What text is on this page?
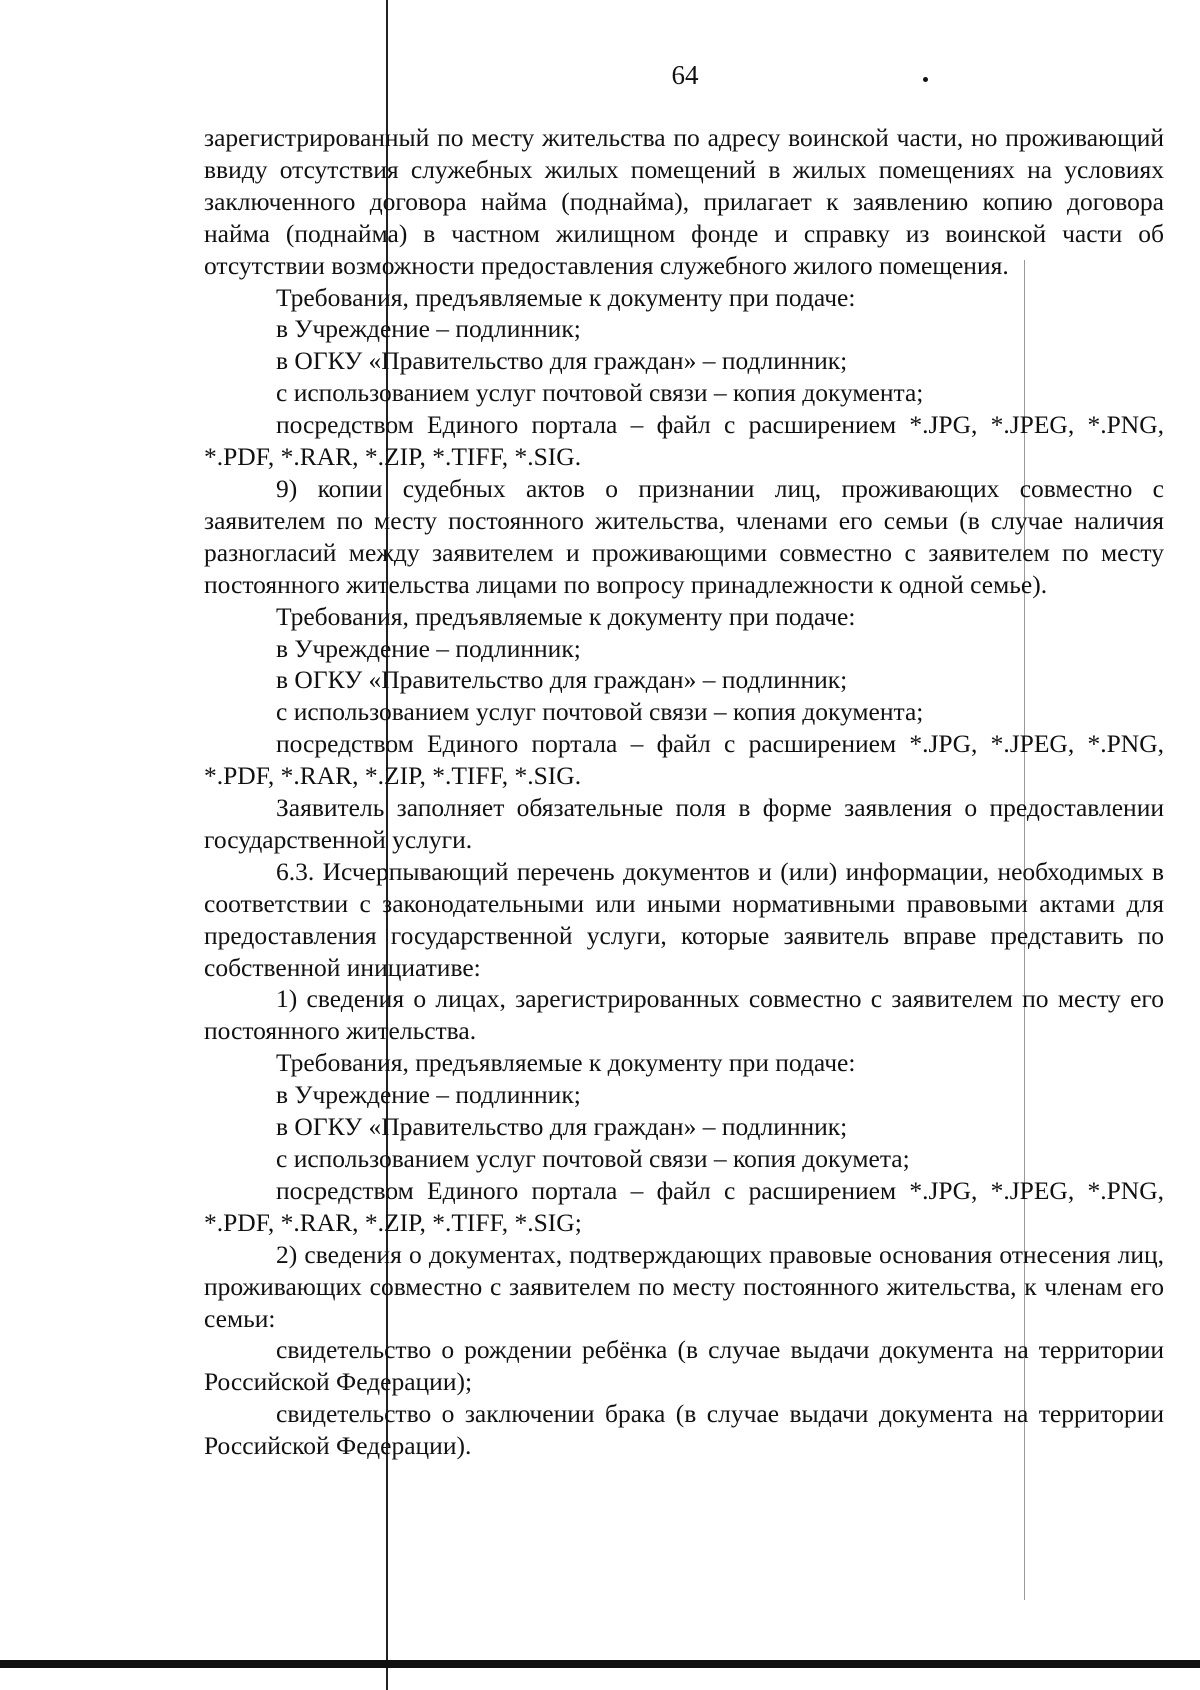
64

зарегистрированный по месту жительства по адресу воинской части, но проживающий ввиду отсутствия служебных жилых помещений в жилых помещениях на условиях заключенного договора найма (поднайма), прилагает к заявлению копию договора найма (поднайма) в частном жилищном фонде и справку из воинской части об отсутствии возможности предоставления служебного жилого помещения.

Требования, предъявляемые к документу при подаче:

в Учреждение – подлинник;

в ОГКУ «Правительство для граждан» – подлинник;

с использованием услуг почтовой связи – копия документа;

посредством Единого портала – файл с расширением *.JPG, *.JPEG, *.PNG, *.PDF, *.RAR, *.ZIP, *.TIFF, *.SIG.

9) копии судебных актов о признании лиц, проживающих совместно с заявителем по месту постоянного жительства, членами его семьи (в случае наличия разногласий между заявителем и проживающими совместно с заявителем по месту постоянного жительства лицами по вопросу принадлежности к одной семье).

Требования, предъявляемые к документу при подаче:

в Учреждение – подлинник;

в ОГКУ «Правительство для граждан» – подлинник;

с использованием услуг почтовой связи – копия документа;

посредством Единого портала – файл с расширением *.JPG, *.JPEG, *.PNG, *.PDF, *.RAR, *.ZIP, *.TIFF, *.SIG.

Заявитель заполняет обязательные поля в форме заявления о предоставлении государственной услуги.

6.3. Исчерпывающий перечень документов и (или) информации, необходимых в соответствии с законодательными или иными нормативными правовыми актами для предоставления государственной услуги, которые заявитель вправе представить по собственной инициативе:

1) сведения о лицах, зарегистрированных совместно с заявителем по месту его постоянного жительства.

Требования, предъявляемые к документу при подаче:

в Учреждение – подлинник;

в ОГКУ «Правительство для граждан» – подлинник;

с использованием услуг почтовой связи – копия докумета;

посредством Единого портала – файл с расширением *.JPG, *.JPEG, *.PNG, *.PDF, *.RAR, *.ZIP, *.TIFF, *.SIG;

2) сведения о документах, подтверждающих правовые основания отнесения лиц, проживающих совместно с заявителем по месту постоянного жительства, к членам его семьи:

свидетельство о рождении ребёнка (в случае выдачи документа на территории Российской Федерации);

свидетельство о заключении брака (в случае выдачи документа на территории Российской Федерации).
